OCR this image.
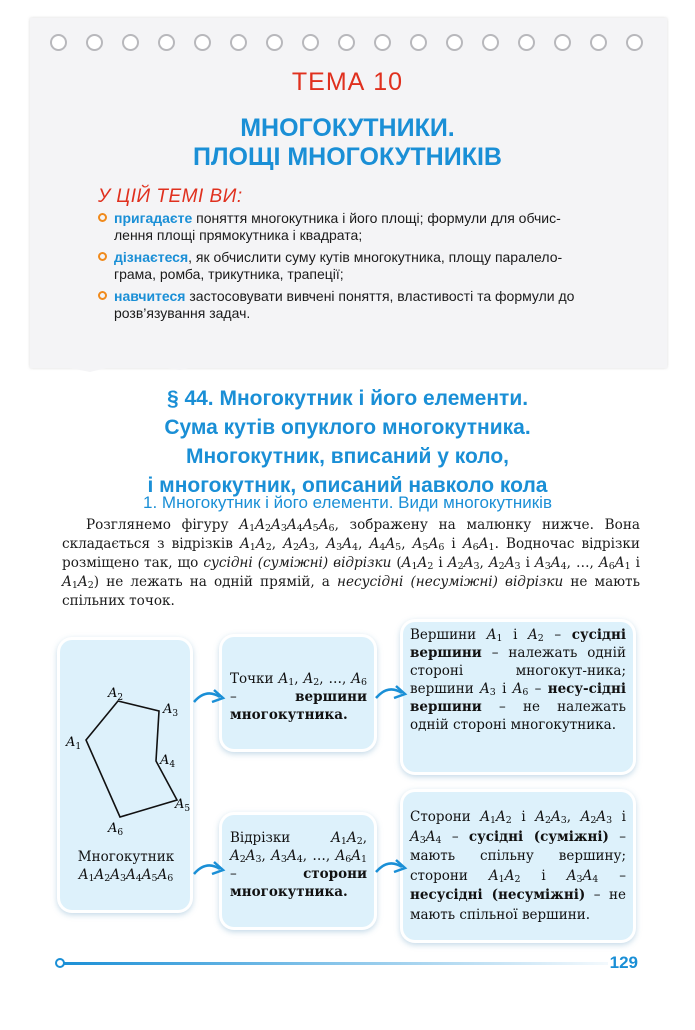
ТЕМА 10
МНОГОКУТНИКИ.
ПЛОЩІ МНОГОКУТНИКІВ
У ЦІЙ ТЕМІ ВИ:
пригадаєте поняття многокутника і його площі; формули для обчис-лення площі прямокутника і квадрата;
дізнаєтеся, як обчислити суму кутів многокутника, площу паралело-грама, ромба, трикутника, трапеції;
навчитеся застосовувати вивчені поняття, властивості та формули до розв’язування задач.
§ 44. Многокутник і його елементи.
Сума кутів опуклого многокутника.
Многокутник, вписаний у коло,
і многокутник, описаний навколо кола
1. Многокутник і його елементи. Види многокутників
Розглянемо фігуру $A_1A_2A_3A_4A_5A_6$, зображену на малюнку нижче. Вона складається з відрізків $A_1A_2$, $A_2A_3$, $A_3A_4$, $A_4A_5$, $A_5A_6$ і $A_6A_1$. Водночас відрізки розміщено так, що сусідні (суміжні) відрізки ($A_1A_2$ і $A_2A_3$, $A_2A_3$ і $A_3A_4$, …, $A_6A_1$ і $A_1A_2$) не лежать на одній прямій, а несусідні (несуміжні) відрізки не мають спільних точок.
$A_2$
$A_3$
$A_1$
$A_4$
$A_5$
$A_6$
Многокутник
$A_1A_2A_3A_4A_5A_6$
Точки $A_1$, $A_2$, …, $A_6$ – вершини многокутника.
Відрізки	$A_1A_2$, $A_2A_3$, $A_3A_4$, …, $A_6A_1$ – сторони многокутника.
Вершини $A_1$ і $A_2$ – сусідні вершини – належать одній стороні многокут-ника; вершини $A_3$ і $A_6$ – несу-сідні вершини – не належать одній стороні многокутника.
Сторони $A_1A_2$ і $A_2A_3$, $A_2A_3$ і $A_3A_4$ – сусідні (суміжні) – мають спільну вершину; сторони $A_1A_2$ і $A_3A_4$ – несусідні (несуміжні) – не мають спільної вершини.
129
